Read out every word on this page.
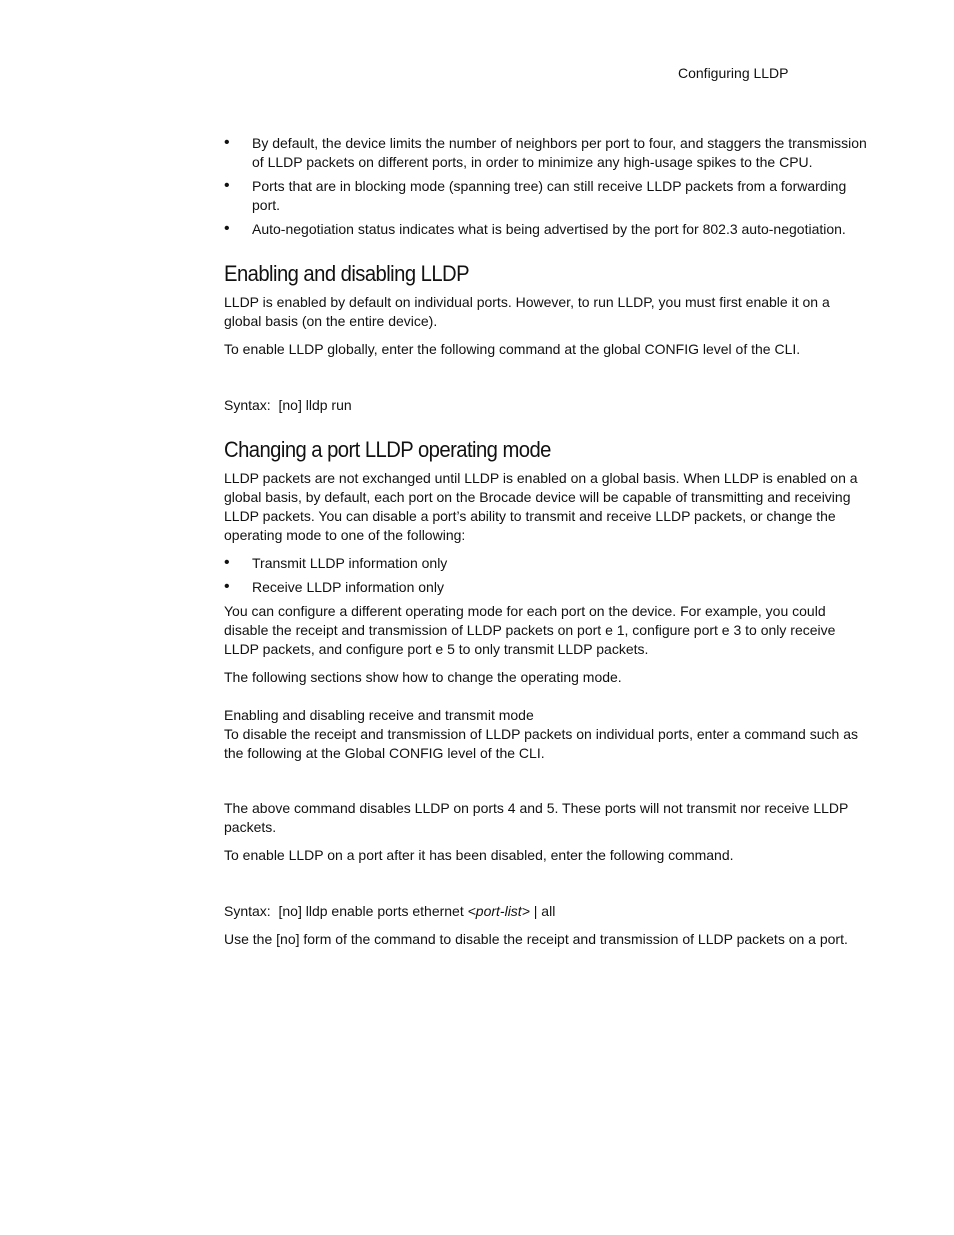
Configuring LLDP
• By default, the device limits the number of neighbors per port to four, and staggers the transmission of LLDP packets on different ports, in order to minimize any high-usage spikes to the CPU.
• Ports that are in blocking mode (spanning tree) can still receive LLDP packets from a forwarding port.
• Auto-negotiation status indicates what is being advertised by the port for 802.3 auto-negotiation.
Enabling and disabling LLDP

LLDP is enabled by default on individual ports. However, to run LLDP, you must first enable it on a global basis (on the entire device).

To enable LLDP globally, enter the following command at the global CONFIG level of the CLI.

Syntax: [no] lldp run
Changing a port LLDP operating mode

LLDP packets are not exchanged until LLDP is enabled on a global basis. When LLDP is enabled on a global basis, by default, each port on the Brocade device will be capable of transmitting and receiving LLDP packets. You can disable a port’s ability to transmit and receive LLDP packets, or change the operating mode to one of the following:

• Transmit LLDP information only
• Receive LLDP information only

You can configure a different operating mode for each port on the device. For example, you could disable the receipt and transmission of LLDP packets on port e 1, configure port e 3 to only receive LLDP packets, and configure port e 5 to only transmit LLDP packets.

The following sections show how to change the operating mode.

Enabling and disabling receive and transmit mode

To disable the receipt and transmission of LLDP packets on individual ports, enter a command such as the following at the Global CONFIG level of the CLI.

The above command disables LLDP on ports 4 and 5. These ports will not transmit nor receive LLDP packets.

To enable LLDP on a port after it has been disabled, enter the following command.

Syntax: [no] lldp enable ports ethernet <port-list> | all

Use the [no] form of the command to disable the receipt and transmission of LLDP packets on a port.
